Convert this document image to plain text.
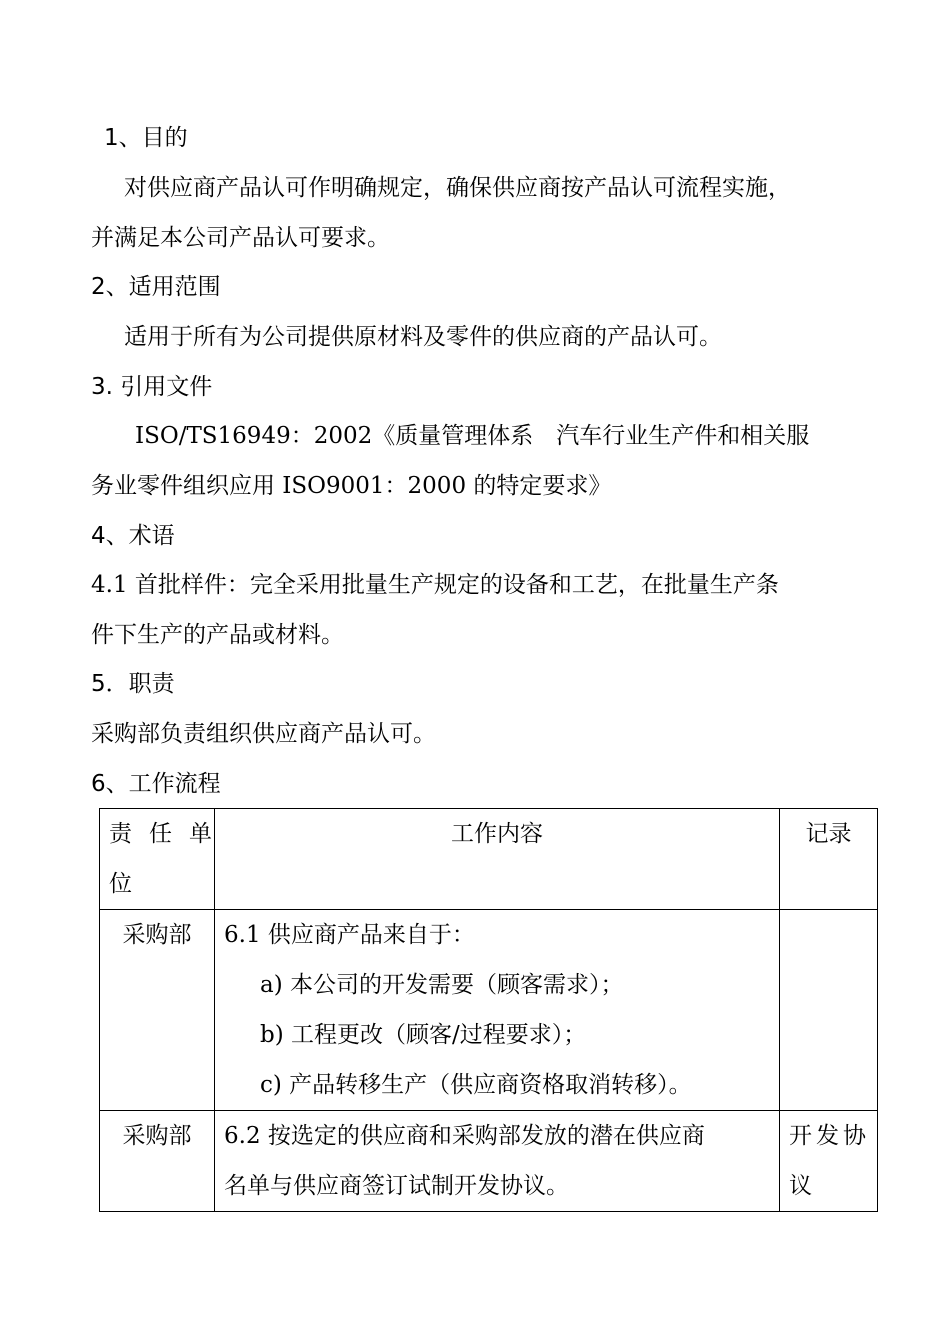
1、目的
对供应商产品认可作明确规定，确保供应商按产品认可流程实施，
并满足本公司产品认可要求。
2、适用范围
适用于所有为公司提供原材料及零件的供应商的产品认可。
3. 引用文件
ISO/TS16949：2002《质量管理体系　汽车行业生产件和相关服
务业零件组织应用 ISO9001：2000 的特定要求》
4、术语
4.1 首批样件：完全采用批量生产规定的设备和工艺，在批量生产条
件下生产的产品或材料。
5．职责
采购部负责组织供应商产品认可。
6、工作流程
责任单
位	工作内容	记录
采购部	6.1 供应商产品来自于：
a) 本公司的开发需要（顾客需求）；
b) 工程更改（顾客/过程要求）；
c) 产品转移生产（供应商资格取消转移）。	

采购部	6.2 按选定的供应商和采购部发放的潜在供应商
名单与供应商签订试制开发协议。	开发协
议
